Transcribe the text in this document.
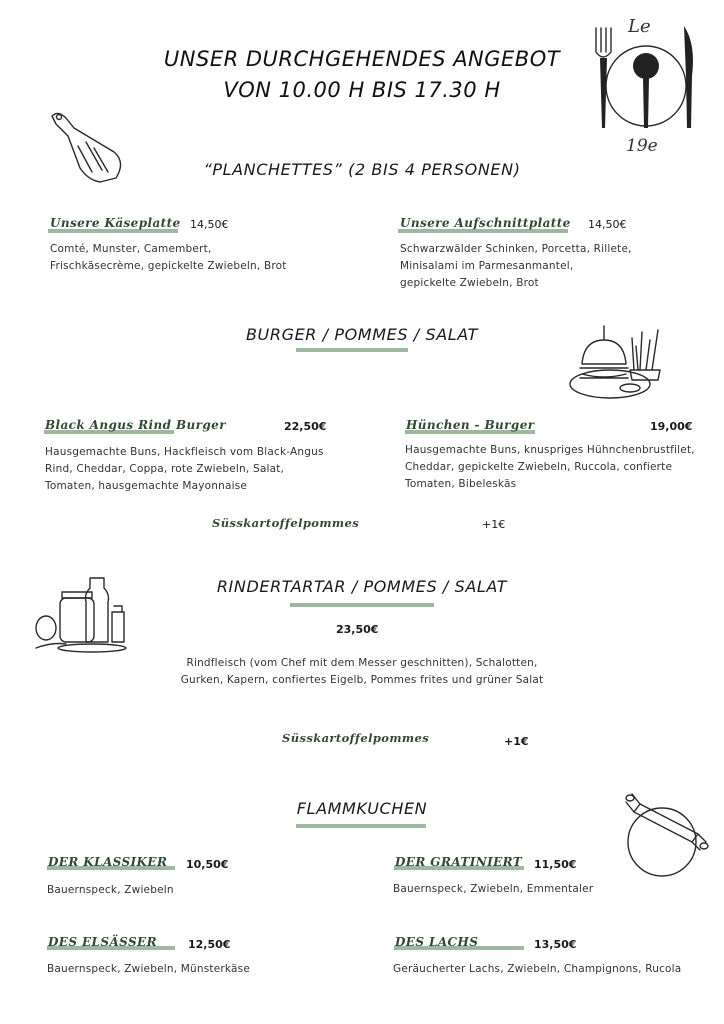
UNSER DURCHGEHENDES ANGEBOT
VON 10.00 H BIS 17.30 H
Le
19e
“PLANCHETTES” (2 BIS 4 PERSONEN)
Unsere Käseplatte 14,50€
Comté, Munster, Camembert,
Frischkäsecrème, gepickelte Zwiebeln, Brot
Unsere Aufschnittplatte 14,50€
Schwarzwälder Schinken, Porcetta, Rillete,
Minisalami im Parmesanmantel,
gepickelte Zwiebeln, Brot
BURGER / POMMES / SALAT
Black Angus Rind Burger	22,50€
Hausgemachte Buns, Hackfleisch vom Black-Angus
Rind, Cheddar, Coppa, rote Zwiebeln, Salat,
Tomaten, hausgemachte Mayonnaise
Hünchen - Burger	19,00€
Hausgemachte Buns, knuspriges Hühnchenbrustfilet,
Cheddar, gepickelte Zwiebeln, Ruccola, confierte
Tomaten, Bibeleskäs
Süsskartoffelpommes	+1€
RINDERTARTAR / POMMES / SALAT
23,50€
Rindfleisch (vom Chef mit dem Messer geschnitten), Schalotten,
Gurken, Kapern, confiertes Eigelb, Pommes frites und grüner Salat
Süsskartoffelpommes	+1€
FLAMMKUCHEN
DER KLASSIKER 10,50€
Bauernspeck, Zwiebeln
DER GRATINIERT 11,50€
Bauernspeck, Zwiebeln, Emmentaler
DES ELSÄSSER	12,50€
Bauernspeck, Zwiebeln, Münsterkäse
DES LACHS	13,50€
Geräucherter Lachs, Zwiebeln, Champignons, Rucola
